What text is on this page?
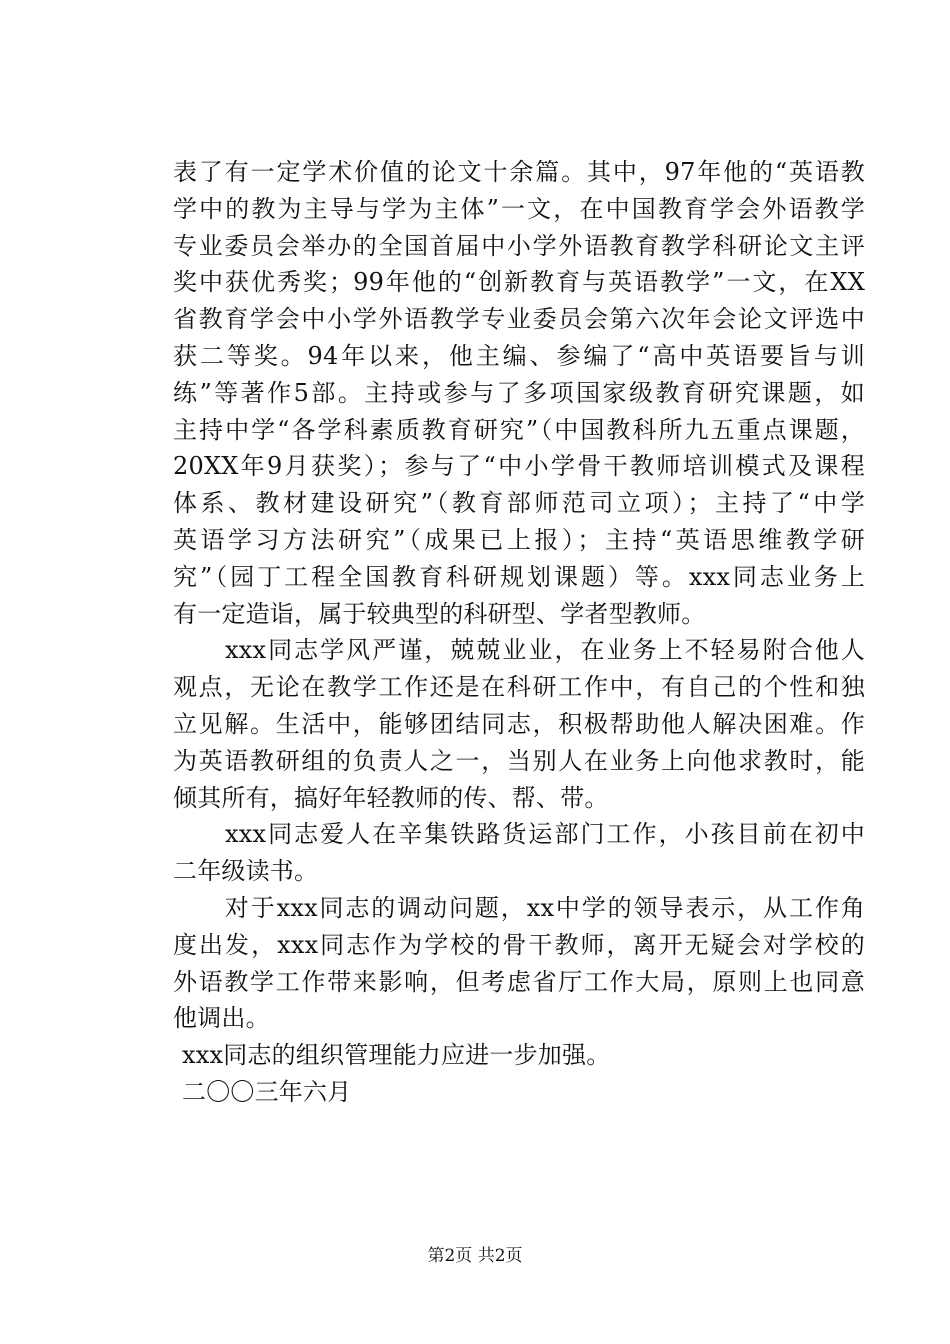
表了有一定学术价值的论文十余篇。其中，97年他的“英语教
学中的教为主导与学为主体”一文，在中国教育学会外语教学
专业委员会举办的全国首届中小学外语教育教学科研论文主评
奖中获优秀奖；99年他的“创新教育与英语教学”一文，在XX
省教育学会中小学外语教学专业委员会第六次年会论文评选中
获二等奖。94年以来，他主编、参编了“高中英语要旨与训
练”等著作5部。主持或参与了多项国家级教育研究课题，如
主持中学“各学科素质教育研究”（中国教科所九五重点课题，
20XX年9月获奖）；参与了“中小学骨干教师培训模式及课程
体系、教材建设研究”（教育部师范司立项）；主持了“中学
英语学习方法研究”（成果已上报）；主持“英语思维教学研
究”（园丁工程全国教育科研规划课题）等。xxx同志业务上
有一定造诣，属于较典型的科研型、学者型教师。
　　xxx同志学风严谨，兢兢业业，在业务上不轻易附合他人
观点，无论在教学工作还是在科研工作中，有自己的个性和独
立见解。生活中，能够团结同志，积极帮助他人解决困难。作
为英语教研组的负责人之一，当别人在业务上向他求教时，能
倾其所有，搞好年轻教师的传、帮、带。
　　xxx同志爱人在辛集铁路货运部门工作，小孩目前在初中
二年级读书。
　　对于xxx同志的调动问题，xx中学的领导表示，从工作角
度出发，xxx同志作为学校的骨干教师，离开无疑会对学校的
外语教学工作带来影响，但考虑省厅工作大局，原则上也同意
他调出。
xxx同志的组织管理能力应进一步加强。
二〇〇三年六月
第2页 共2页
